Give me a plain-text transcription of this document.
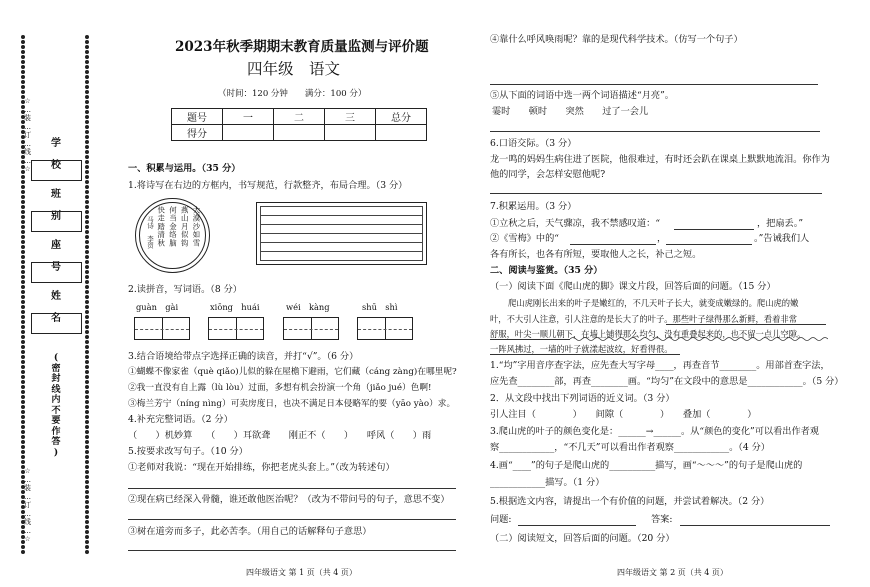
☆
…
装
…
订
…
线
…
☆
☆
…
装
…
订
…
线
…
☆
学

校
班

别
座

号
姓

名
(
密
封
线
内
不
要
作
答
)
2023年秋季期期末教育质量监测与评价题
四年级　语文
（时间：120 分钟　　满分：100 分）
题号	一	二	三	总分
得分				
一、积累与运用。（35 分）
1.将诗写在右边的方框内，书写规范，行款整齐，布局合理。（3 分）
大漠沙如雪
燕山月似钩
何当金络脑
快走踏清秋
马诗　李贺
2.读拼音，写词语。（8 分）
guàn　gài	xiōng　huái	wéi　kàng	shū　shì
3.结合语境给带点字选择正确的读音，并打“√”。（6 分）
①蝴蝶不像家雀（què qiǎo)儿似的躲在屋檐下避雨，它们藏（cáng zàng)在哪里呢?
②我一直没有自上露（lù lòu）过面，多想有机会扮演一个角（jiǎo jué）色啊!
③梅兰芳宁（níng nìng）可卖房度日，也决不满足日本侵略军的要（yāo yào）求。
4.补充完整词语。（2 分）
（　　）机妙算　　（　　）耳欲聋　　刚正不（　　）　　呼风（　　）雨
5.按要求改写句子。（10 分）
①老师对我说：“现在开始排练，你把老虎头套上。”（改为转述句）
②现在病已经深入骨髓，谁还敢他医治呢？（改为不带问号的句子，意思不变）
③树在道旁而多子，此必苦李。（用自己的话解释句子意思）
四年级语文 第 1 页（共 4 页）
④靠什么呼风唤雨呢？靠的是现代科学技术。（仿写一个句子）
⑤从下面的词语中选一两个词语描述“月亮”。
霎时　　顿时　　突然　　过了一会儿
6.口语交际。（3 分）
龙一鸣的妈妈生病住进了医院，他很难过，有时还会趴在课桌上默默地流泪。你作为
他的同学，会怎样安慰他呢?
7.积累运用。（3 分）
①立秋之后，天气骤凉，我不禁感叹道：“	，把扇丢。”
②《雪梅》中的“	，	。”告诫我们人
各有所长，也各有所短，要取他人之长，补己之短。
二、阅读与鉴赏。（35 分）
（一）阅读下面《爬山虎的脚》课文片段，回答后面的问题。（15 分）
爬山虎刚长出来的叶子是嫩红的，不几天叶子长大，就变成嫩绿的。爬山虎的嫩
叶，不大引人注意，引人注意的是长大了的叶子。那些叶子绿得那么新鲜，看着非常
舒服，叶尖一顺儿朝下，在墙上铺得那么均匀，没有重叠起来的，也不留一点儿空隙。
一阵风拂过，一墙的叶子就漾起波纹，好看得很。
1.“均”字用音序查字法，应先查大写字母____，再查音节________。用部首查字法，
应先查________部，再查________画。“均匀”在文段中的意思是____________。（5 分）
2．从文段中找出下列词语的近义词。（3 分）
引人注目（　　　　）　　间隙（　　　　）　　叠加（　　　　）
3.爬山虎的叶子的颜色变化是：______→______。从“颜色的变化”可以看出作者观
察____________，“不几天”可以看出作者观察____________。（4 分）
4.画“____”的句子是爬山虎的__________描写，画“～～～”的句子是爬山虎的
____________描写。（1 分）
5.根据选文内容，请提出一个有价值的问题，并尝试着解决。（2 分）
问题:	答案:
（二）阅读短文，回答后面的问题。（20 分）
四年级语文 第 2 页（共 4 页）
